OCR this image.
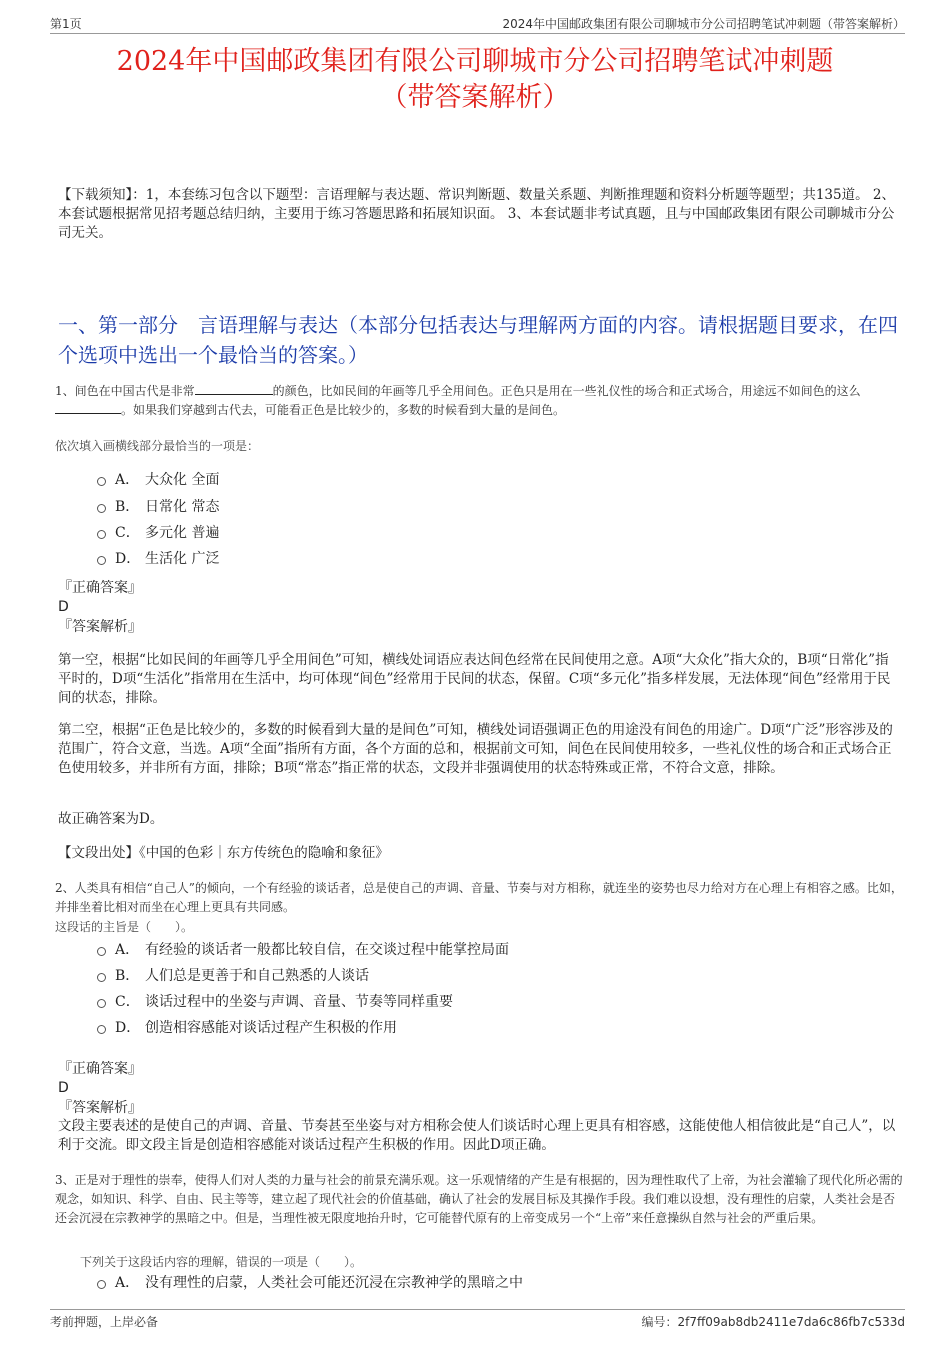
第1页	2024年中国邮政集团有限公司聊城市分公司招聘笔试冲刺题（带答案解析）
2024年中国邮政集团有限公司聊城市分公司招聘笔试冲刺题
（带答案解析）
【下载须知】：1，本套练习包含以下题型：言语理解与表达题、常识判断题、数量关系题、判断推理题和资料分析题等题型；共135道。 2、本套试题根据常见招考题总结归纳，主要用于练习答题思路和拓展知识面。 3、本套试题非考试真题，且与中国邮政集团有限公司聊城市分公司无关。
一、第一部分　言语理解与表达（本部分包括表达与理解两方面的内容。请根据题目要求，在四个选项中选出一个最恰当的答案。）
1、间色在中国古代是非常	的颜色，比如民间的年画等几乎全用间色。正色只是用在一些礼仪性的场合和正式场合，用途远不如间色的这么。如果我们穿越到古代去，可能看正色是比较少的，多数的时候看到大量的是间色。
依次填入画横线部分最恰当的一项是：
A． 大众化 全面
B． 日常化 常态
C． 多元化 普遍
D． 生活化 广泛
『正确答案』
D
『答案解析』
第一空，根据“比如民间的年画等几乎全用间色”可知，横线处词语应表达间色经常在民间使用之意。A项“大众化”指大众的，B项“日常化”指平时的，D项“生活化”指常用在生活中，均可体现“间色”经常用于民间的状态，保留。C项“多元化”指多样发展，无法体现“间色”经常用于民间的状态，排除。
第二空，根据“正色是比较少的，多数的时候看到大量的是间色”可知，横线处词语强调正色的用途没有间色的用途广。D项“广泛”形容涉及的范围广，符合文意，当选。A项“全面”指所有方面，各个方面的总和，根据前文可知，间色在民间使用较多，一些礼仪性的场合和正式场合正色使用较多，并非所有方面，排除；B项“常态”指正常的状态，文段并非强调使用的状态特殊或正常，不符合文意，排除。
故正确答案为D。
【文段出处】《中国的色彩｜东方传统色的隐喻和象征》
2、人类具有相信“自己人”的倾向，一个有经验的谈话者，总是使自己的声调、音量、节奏与对方相称，就连坐的姿势也尽力给对方在心理上有相容之感。比如，并排坐着比相对而坐在心理上更具有共同感。
这段话的主旨是（　　）。
A． 有经验的谈话者一般都比较自信，在交谈过程中能掌控局面
B． 人们总是更善于和自己熟悉的人谈话
C． 谈话过程中的坐姿与声调、音量、节奏等同样重要
D． 创造相容感能对谈话过程产生积极的作用
『正确答案』
D
『答案解析』
文段主要表述的是使自己的声调、音量、节奏甚至坐姿与对方相称会使人们谈话时心理上更具有相容感，这能使他人相信彼此是“自己人”，以利于交流。即文段主旨是创造相容感能对谈话过程产生积极的作用。因此D项正确。
3、正是对于理性的崇奉，使得人们对人类的力量与社会的前景充满乐观。这一乐观情绪的产生是有根据的，因为理性取代了上帝，为社会灌输了现代化所必需的观念，如知识、科学、自由、民主等等，建立起了现代社会的价值基础，确认了社会的发展目标及其操作手段。我们难以设想，没有理性的启蒙，人类社会是否还会沉浸在宗教神学的黑暗之中。但是，当理性被无限度地抬升时，它可能替代原有的上帝变成另一个“上帝”来任意操纵自然与社会的严重后果。
下列关于这段话内容的理解，错误的一项是（　　）。
A． 没有理性的启蒙，人类社会可能还沉浸在宗教神学的黑暗之中
考前押题，上岸必备	编号：2f7ff09ab8db2411e7da6c86fb7c533d
